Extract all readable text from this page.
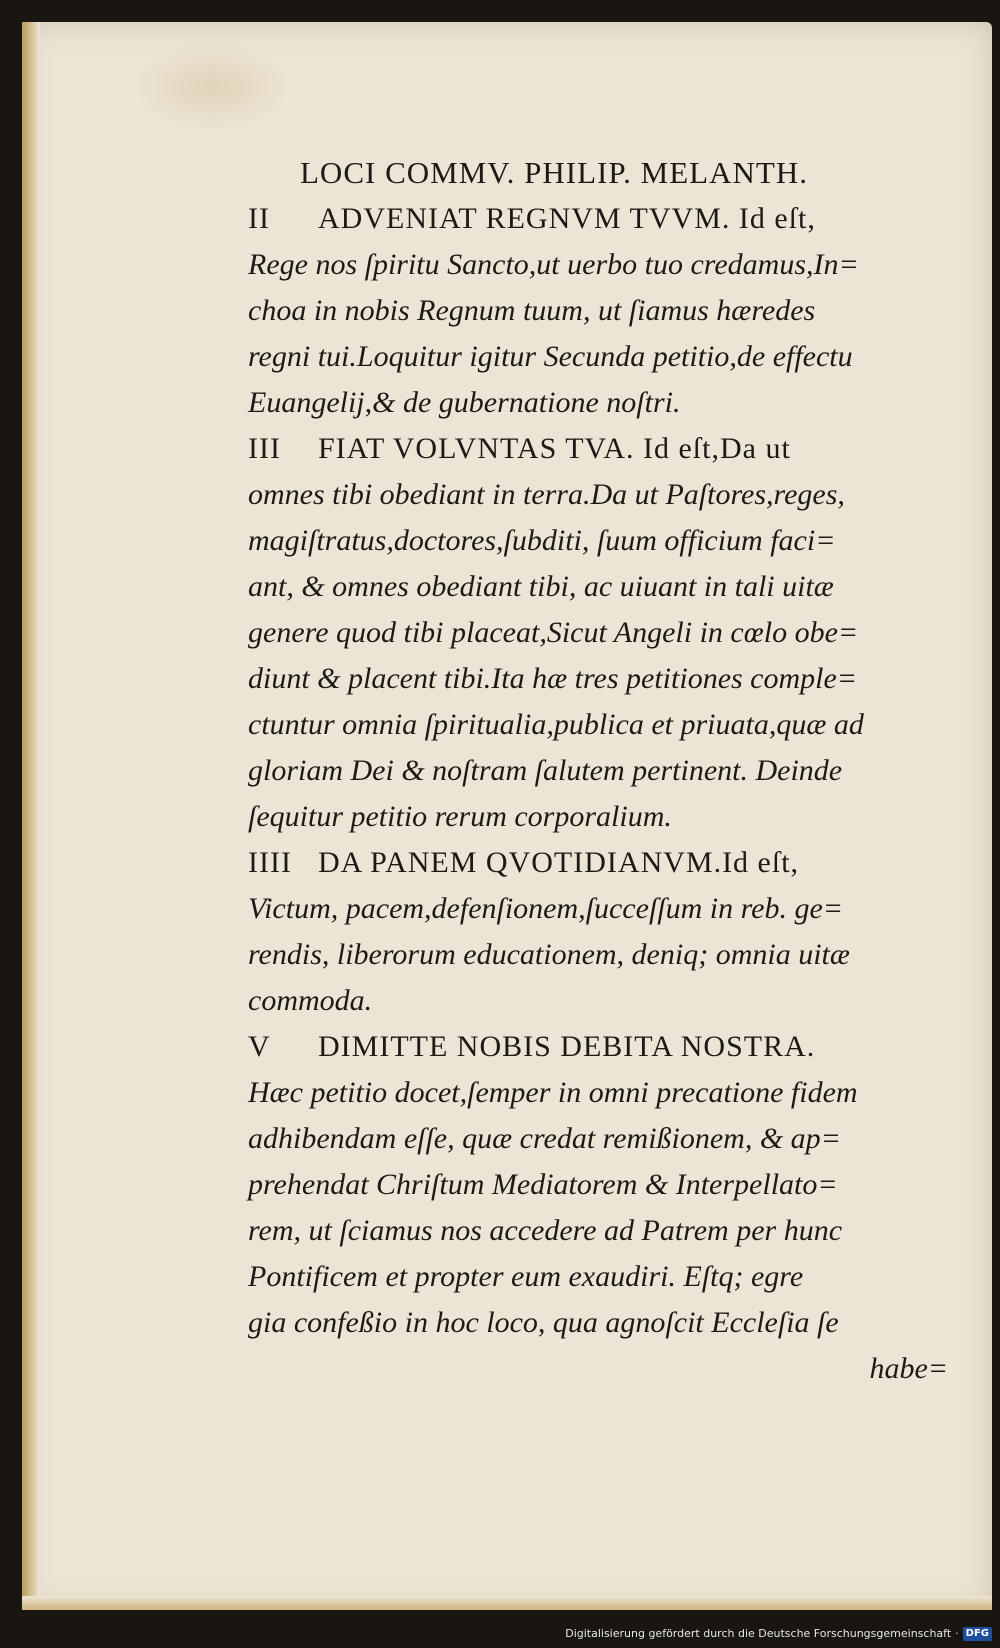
LOCI COMMV. PHILIP. MELANTH.
II ADVENIAT REGNVM TVVM. Id eſt,
Rege nos ſpiritu Sancto,ut uerbo tuo credamus,In=
choa in nobis Regnum tuum, ut ſiamus hæredes
regni tui.Loquitur igitur Secunda petitio,de effectu
Euangelij,& de gubernatione noſtri.
III FIAT VOLVNTAS TVA. Id eſt,Da ut
omnes tibi obediant in terra.Da ut Paſtores,reges,
magiſtratus,doctores,ſubditi, ſuum officium faci=
ant, & omnes obediant tibi, ac uiuant in tali uitæ
genere quod tibi placeat,Sicut Angeli in cœlo obe=
diunt & placent tibi.Ita hæ tres petitiones comple=
ctuntur omnia ſpiritualia,publica et priuata,quæ ad
gloriam Dei & noſtram ſalutem pertinent. Deinde
ſequitur petitio rerum corporalium.
IIII DA PANEM QVOTIDIANVM.Id eſt,
Victum, pacem,defenſionem,ſucceſſum in reb. ge=
rendis, liberorum educationem, deniq; omnia uitæ
commoda.
V DIMITTE NOBIS DEBITA NOSTRA.
Hæc petitio docet,ſemper in omni precatione fidem
adhibendam eſſe, quæ credat remißionem, & ap=
prehendat Chriſtum Mediatorem & Interpellato=
rem, ut ſciamus nos accedere ad Patrem per hunc
Pontificem et propter eum exaudiri. Eſtq; egre
gia confeßio in hoc loco, qua agnoſcit Eccleſia ſe
habe=
Digitalisierung gefördert durch die Deutsche Forschungsgemeinschaft · DFG
